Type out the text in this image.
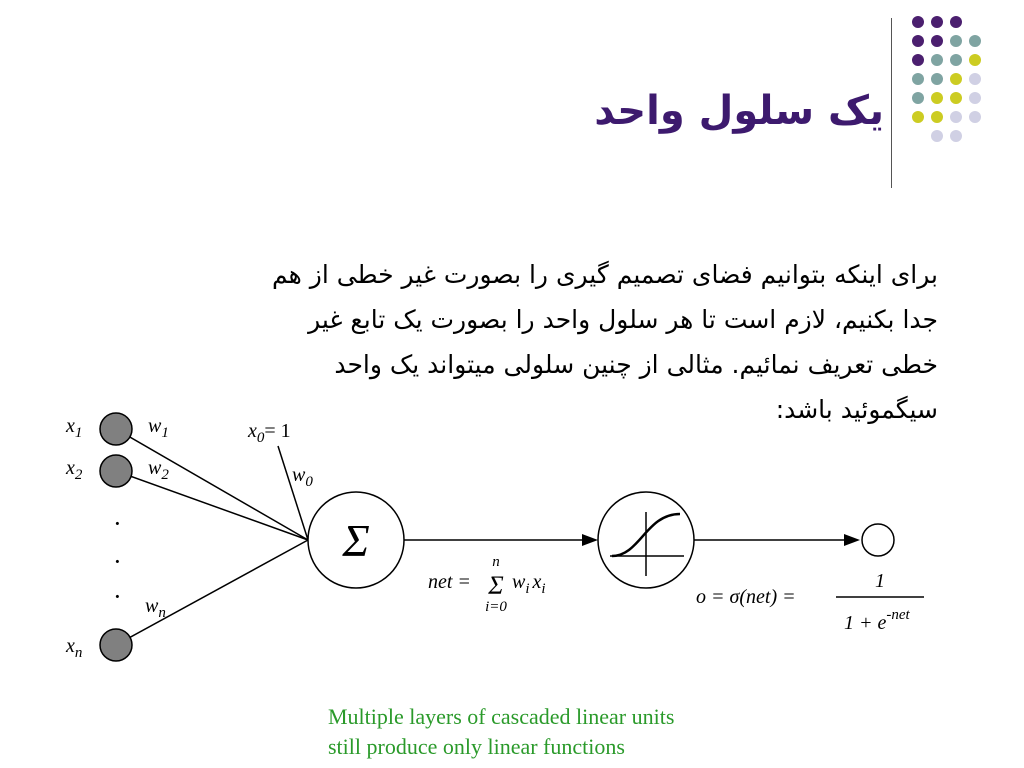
یک سلول واحد
برای اینکه بتوانیم فضای تصمیم گیری را بصورت غیر خطی از هم
جدا بکنیم، لازم است تا هر سلول واحد را بصورت یک تابع غیر
خطی تعریف نمائیم. مثالی از چنین سلولی میتواند یک واحد
سیگموئید باشد:
·
·
·
$x_1$
$x_2$
$x_n$
$w_1$
$w_2$
$w_n$
$x_0= 1$
$w_0$
Σ
net =
n
Σ
i=0
$w_i$ $x_i$	o = σ(net) =
1
$1 + e^{-net}$
Multiple layers of cascaded linear units
still produce only linear functions
